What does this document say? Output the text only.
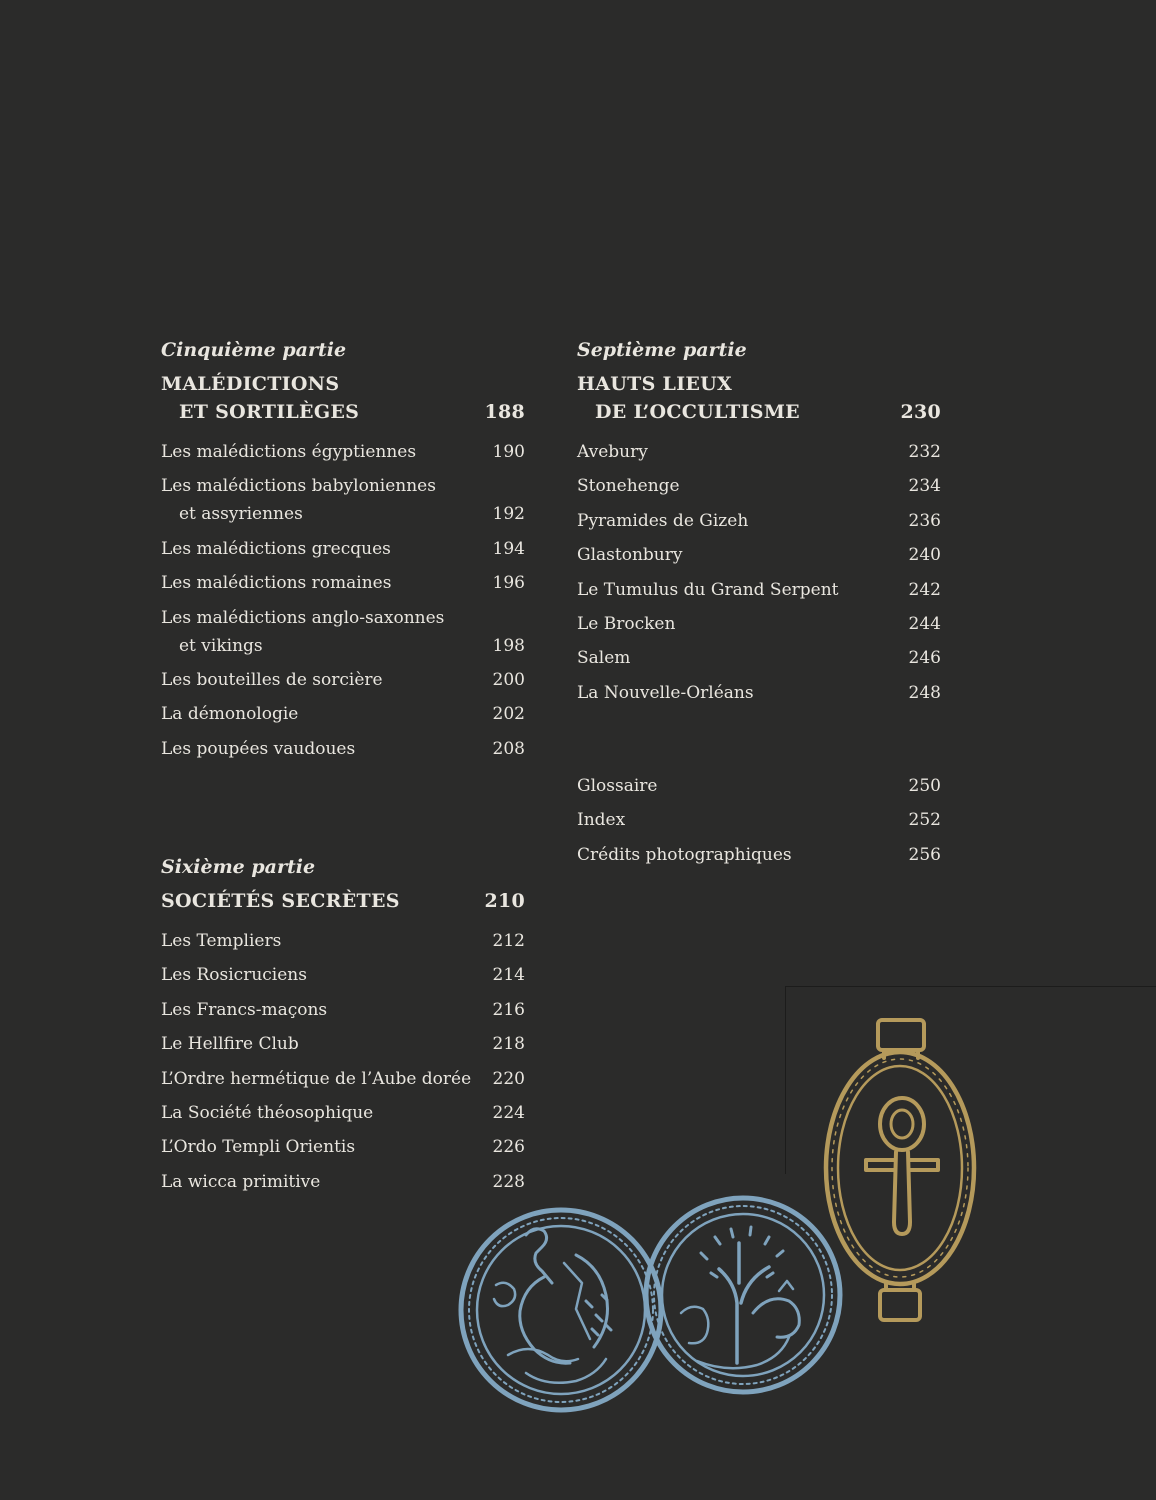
Cinquième partie
MALÉDICTIONS
ET SORTILÈGES	188
Les malédictions égyptiennes	190
Les malédictions babyloniennes
et assyriennes	192
Les malédictions grecques	194
Les malédictions romaines	196
Les malédictions anglo-saxonnes
et vikings	198
Les bouteilles de sorcière	200
La démonologie	202
Les poupées vaudoues	208
Sixième partie
SOCIÉTÉS SECRÈTES	210
Les Templiers	212
Les Rosicruciens	214
Les Francs-maçons	216
Le Hellfire Club	218
L’Ordre hermétique de l’Aube dorée 220
La Société théosophique	224
L’Ordo Templi Orientis	226
La wicca primitive	228
Septième partie
HAUTS LIEUX
DE L’OCCULTISME	230
Avebury	232
Stonehenge	234
Pyramides de Gizeh	236
Glastonbury	240
Le Tumulus du Grand Serpent	242
Le Brocken	244
Salem	246
La Nouvelle-Orléans	248
Glossaire	250
Index	252
Crédits photographiques	256
